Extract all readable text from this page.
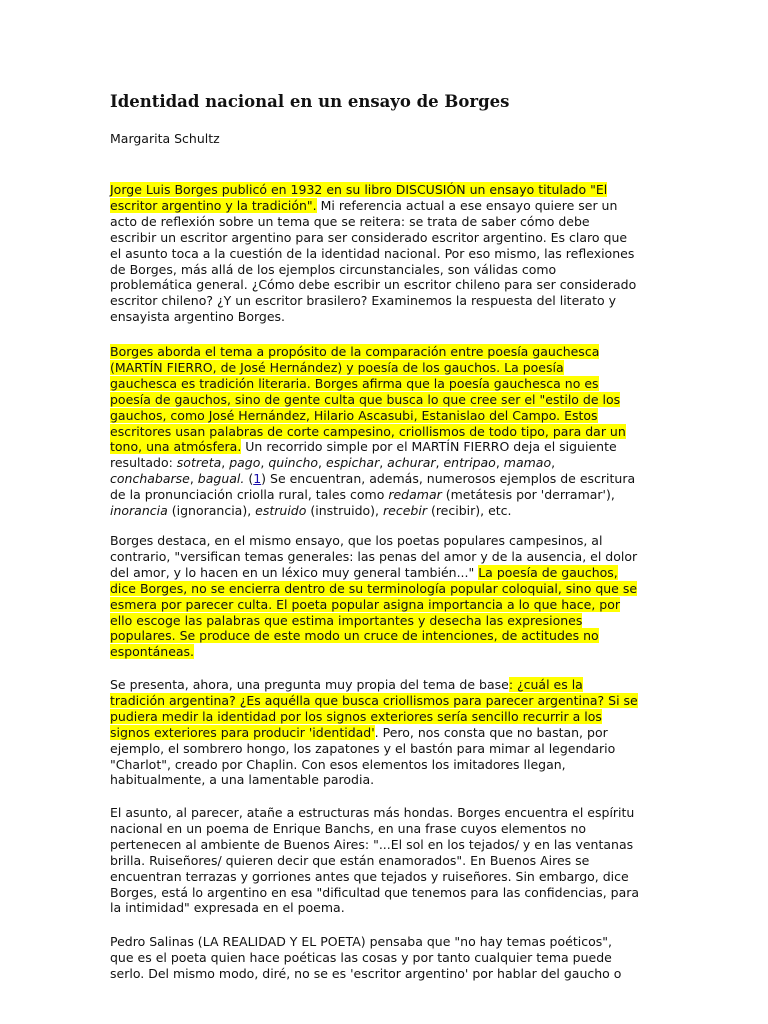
Identidad nacional en un ensayo de Borges

Margarita Schultz

Jorge Luis Borges publicó en 1932 en su libro DISCUSIÓN un ensayo titulado "El
escritor argentino y la tradición". Mi referencia actual a ese ensayo quiere ser un
acto de reflexión sobre un tema que se reitera: se trata de saber cómo debe
escribir un escritor argentino para ser considerado escritor argentino. Es claro que
el asunto toca a la cuestión de la identidad nacional. Por eso mismo, las reflexiones
de Borges, más allá de los ejemplos circunstanciales, son válidas como
problemática general. ¿Cómo debe escribir un escritor chileno para ser considerado
escritor chileno? ¿Y un escritor brasilero? Examinemos la respuesta del literato y
ensayista argentino Borges.
Borges aborda el tema a propósito de la comparación entre poesía gauchesca
(MARTÍN FIERRO, de José Hernández) y poesía de los gauchos. La poesía
gauchesca es tradición literaria. Borges afirma que la poesía gauchesca no es
poesía de gauchos, sino de gente culta que busca lo que cree ser el "estilo de los
gauchos, como José Hernández, Hilario Ascasubi, Estanislao del Campo. Estos
escritores usan palabras de corte campesino, criollismos de todo tipo, para dar un
tono, una atmósfera. Un recorrido simple por el MARTÍN FIERRO deja el siguiente
resultado: sotreta, pago, quincho, espichar, achurar, entripao, mamao,
conchabarse, bagual. (1) Se encuentran, además, numerosos ejemplos de escritura
de la pronunciación criolla rural, tales como redamar (metátesis por 'derramar'),
inorancia (ignorancia), estruido (instruido), recebir (recibir), etc.
Borges destaca, en el mismo ensayo, que los poetas populares campesinos, al
contrario, "versifican temas generales: las penas del amor y de la ausencia, el dolor
del amor, y lo hacen en un léxico muy general también..." La poesía de gauchos,
dice Borges, no se encierra dentro de su terminología popular coloquial, sino que se
esmera por parecer culta. El poeta popular asigna importancia a lo que hace, por
ello escoge las palabras que estima importantes y desecha las expresiones
populares. Se produce de este modo un cruce de intenciones, de actitudes no
espontáneas.
Se presenta, ahora, una pregunta muy propia del tema de base: ¿cuál es la
tradición argentina? ¿Es aquélla que busca criollismos para parecer argentina? Si se
pudiera medir la identidad por los signos exteriores sería sencillo recurrir a los
signos exteriores para producir 'identidad'. Pero, nos consta que no bastan, por
ejemplo, el sombrero hongo, los zapatones y el bastón para mimar al legendario
"Charlot", creado por Chaplin. Con esos elementos los imitadores llegan,
habitualmente, a una lamentable parodia.
El asunto, al parecer, atañe a estructuras más hondas. Borges encuentra el espíritu
nacional en un poema de Enrique Banchs, en una frase cuyos elementos no
pertenecen al ambiente de Buenos Aires: "...El sol en los tejados/ y en las ventanas
brilla. Ruiseñores/ quieren decir que están enamorados". En Buenos Aires se
encuentran terrazas y gorriones antes que tejados y ruiseñores. Sin embargo, dice
Borges, está lo argentino en esa "dificultad que tenemos para las confidencias, para
la intimidad" expresada en el poema.
Pedro Salinas (LA REALIDAD Y EL POETA) pensaba que "no hay temas poéticos",
que es el poeta quien hace poéticas las cosas y por tanto cualquier tema puede
serlo. Del mismo modo, diré, no se es 'escritor argentino' por hablar del gaucho o
